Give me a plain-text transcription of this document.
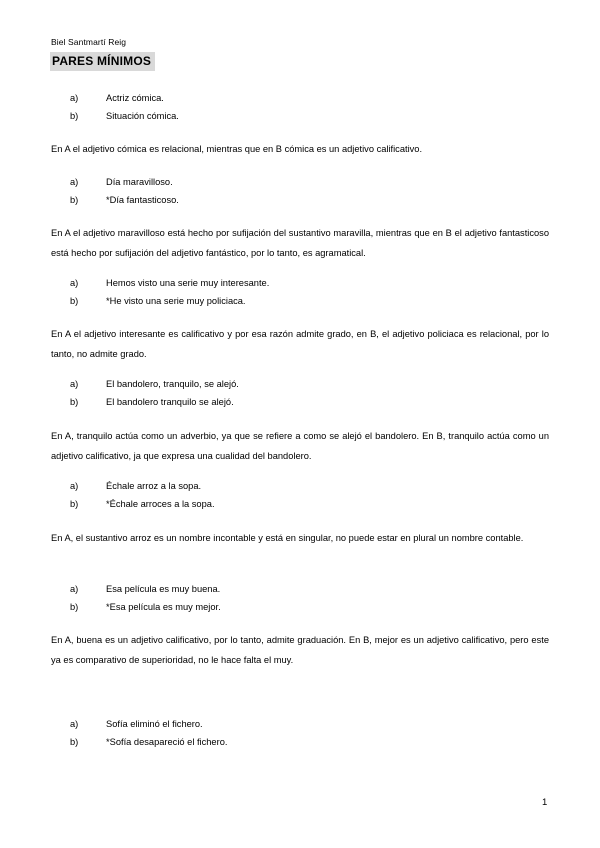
Biel Santmartí Reig
PARES MÍNIMOS
a)	Actriz cómica.
b)	Situación cómica.

En A el adjetivo cómica es relacional, mientras que en B cómica es un adjetivo calificativo.

a)	Día maravilloso.
b)	*Día fantasticoso.

En A el adjetivo maravilloso está hecho por sufijación del sustantivo maravilla, mientras que en B el adjetivo fantasticoso está hecho por sufijación del adjetivo fantástico, por lo tanto, es agramatical.

a)	Hemos visto una serie muy interesante.
b)	*He visto una serie muy policiaca.

En A el adjetivo interesante es calificativo y por esa razón admite grado, en B, el adjetivo policiaca es relacional, por lo tanto, no admite grado.

a)	El bandolero, tranquilo, se alejó.
b)	El bandolero tranquilo se alejó.

En A, tranquilo actúa como un adverbio, ya que se refiere a como se alejó el bandolero. En B, tranquilo actúa como un adjetivo calificativo, ja que expresa una cualidad del bandolero.

a)	Échale arroz a la sopa.
b)	*Échale arroces a la sopa.

En A, el sustantivo arroz es un nombre incontable y está en singular, no puede estar en plural un nombre contable.

a)	Esa película es muy buena.
b)	*Esa película es muy mejor.

En A, buena es un adjetivo calificativo, por lo tanto, admite graduación. En B, mejor es un adjetivo calificativo, pero este ya es comparativo de superioridad, no le hace falta el muy.

a)	Sofía eliminó el fichero.
b)	*Sofía desapareció el fichero.
1
